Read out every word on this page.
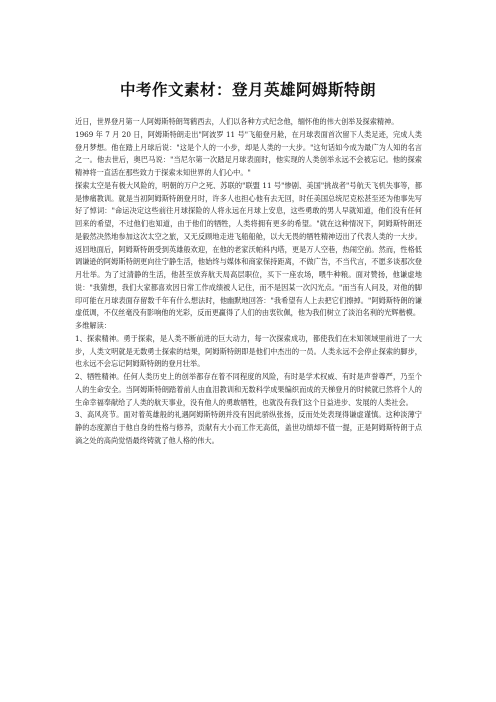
中考作文素材：登月英雄阿姆斯特朗

近日，世界登月第一人阿姆斯特朗驾鹤西去，人们以各种方式纪念他，缅怀他的伟大创举及探索精神。

1969 年 7 月 20 日，阿姆斯特朗走出"阿波罗 11 号"飞船登月舱，在月球表面首次留下人类足迹，完成人类登月梦想。他在踏上月球后说："这是个人的一小步，却是人类的一大步。"这句话如今成为最广为人知的名言之一。他去世后，奥巴马说："当尼尔第一次踏足月球表面时，他实现的人类创举永远不会被忘记。他的探索精神将一直活在那些致力于探索未知世界的人们心中。"

探索太空是有极大风险的，明朝的万户之死、苏联的"联盟 11 号"惨剧、美国"挑战者"号航天飞机失事等，都是惨痛教训。就是当初阿姆斯特朗登月时，许多人也担心他有去无回，时任美国总统尼克松甚至还为他事先写好了悼词："命运决定这些前往月球探险的人将永远在月球上安息，这些勇敢的男人早就知道，他们没有任何回来的希望，不过他们也知道，由于他们的牺牲，人类将拥有更多的希望。"就在这种情况下，阿姆斯特朗还是毅然决然地参加这次太空之旅，又无反顾地走进飞船船舱，以大无畏的牺牲精神迈出了代表人类的一大步。返回地面后，阿姆斯特朗受到英雄般欢迎，在他的老家沃帕科内塔，更是万人空巷，热闹空前。然而，性格低调谦逊的阿姆斯特朗更向往宁静生活，他始终与媒体和商家保持距离，不做广告，不当代言，不愿多谈那次登月壮举。为了过清静的生活，他甚至放弃航天局高层职位，买下一座农场，喂牛种粮。面对赞扬，他谦虚地说："我猜想，我们大家都喜欢因日常工作成绩被人记住，而不是因某一次闪光点。"而当有人问及，对他的脚印可能在月球表面存留数千年有什么想法时，他幽默地回答："我希望有人上去把它们擦掉。"阿姆斯特朗的谦虚低调，不仅丝毫没有影响他的光彩，反而更赢得了人们的由衷钦佩，他为我们树立了淡泊名利的光辉楷模。

多维解读：

1、探索精神。勇于探索，是人类不断前进的巨大动力，每一次探索成功，都使我们在未知领域里前进了一大步，人类文明就是无数勇士探索的结果，阿姆斯特朗即是他们中杰出的一员。人类永远不会停止探索的脚步，也永远不会忘记阿姆斯特朗的登月壮举。

2、牺牲精神。任何人类历史上的创举都存在着不同程度的风险，有时是学术权威、有时是声誉尊严，乃至个人的生命安全。当阿姆斯特朗踏着前人由血泪教训和无数科学成果编织而成的天梯登月的时候就已然将个人的生命幸福奉献给了人类的航天事业，没有他人的勇敢牺牲，也就没有我们这个日益进步、发展的人类社会。

3、高风亮节。面对着英雄般的礼遇阿姆斯特朗并没有因此骄纵张扬，反而处处表现得谦虚谨慎。这种淡薄宁静的态度源自于他自身的性格与修养，贡献有大小而工作无高低，盖世功绩却不值一提，正是阿姆斯特朗于点滴之处的高尚觉悟最终铸就了他人格的伟大。
